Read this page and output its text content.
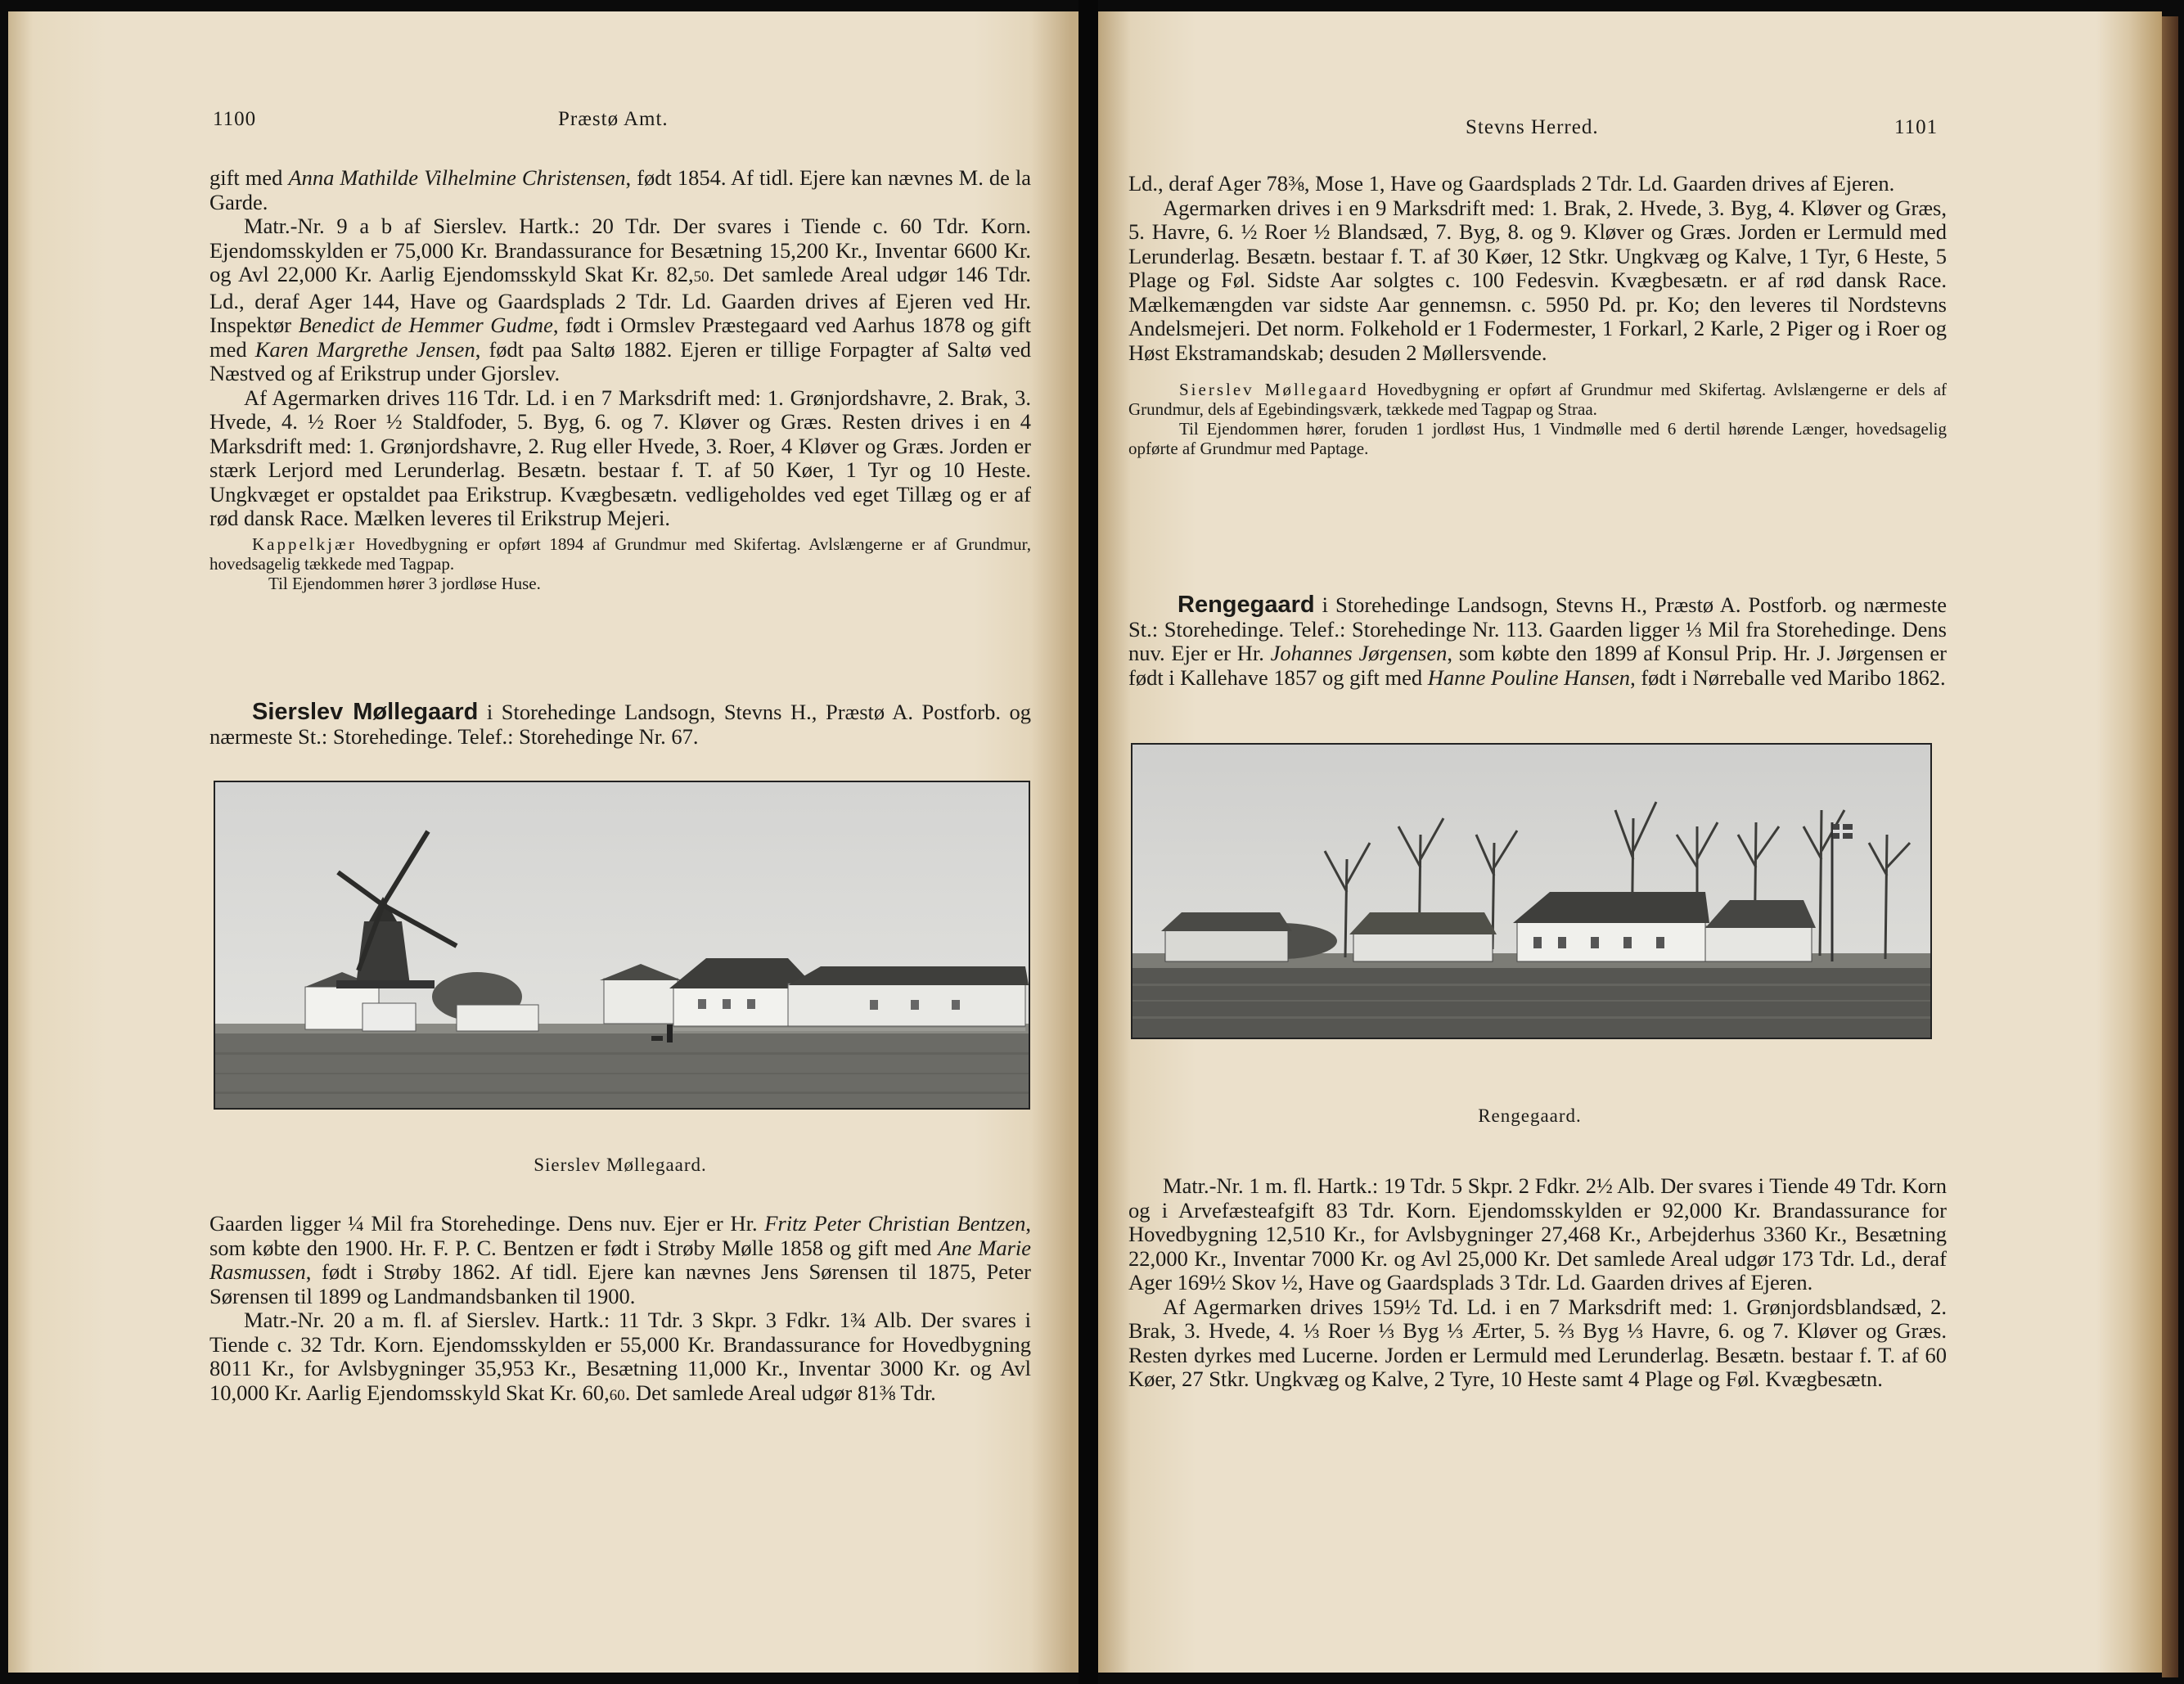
1100	Præstø Amt.

gift med Anna Mathilde Vilhelmine Christensen, født 1854. Af tidl. Ejere kan nævnes M. de la Garde.

Matr.-Nr. 9 a b af Sierslev. Hartk.: 20 Tdr. Der svares i Tiende c. 60 Tdr. Korn. Ejendomsskylden er 75,000 Kr. Brandassurance for Besætning 15,200 Kr., Inventar 6600 Kr. og Avl 22,000 Kr. Aarlig Ejendomsskyld Skat Kr. 82,50. Det samlede Areal udgør 146 Tdr. Ld., deraf Ager 144, Have og Gaardsplads 2 Tdr. Ld. Gaarden drives af Ejeren ved Hr. Inspektør Benedict de Hemmer Gudme, født i Ormslev Præstegaard ved Aarhus 1878 og gift med Karen Margrethe Jensen, født paa Saltø 1882. Ejeren er tillige Forpagter af Saltø ved Næstved og af Erikstrup under Gjorslev.

Af Agermarken drives 116 Tdr. Ld. i en 7 Marksdrift med: 1. Grønjordshavre, 2. Brak, 3. Hvede, 4. ½ Roer ½ Staldfoder, 5. Byg, 6. og 7. Kløver og Græs. Resten drives i en 4 Marksdrift med: 1. Grønjordshavre, 2. Rug eller Hvede, 3. Roer, 4 Kløver og Græs. Jorden er stærk Lerjord med Lerunderlag. Besætn. bestaar f. T. af 50 Køer, 1 Tyr og 10 Heste. Ungkvæget er opstaldet paa Erikstrup. Kvægbesætn. vedligeholdes ved eget Tillæg og er af rød dansk Race. Mælken leveres til Erikstrup Mejeri.

Kappelkjær Hovedbygning er opført 1894 af Grundmur med Skifertag. Avlslængerne er af Grundmur, hovedsagelig tækkede med Tagpap.

Til Ejendommen hører 3 jordløse Huse.

Sierslev Møllegaard i Storehedinge Landsogn, Stevns H., Præstø A. Postforb. og nærmeste St.: Storehedinge. Telef.: Storehedinge Nr. 67.

Sierslev Møllegaard.

Gaarden ligger ¼ Mil fra Storehedinge. Dens nuv. Ejer er Hr. Fritz Peter Christian Bentzen, som købte den 1900. Hr. F. P. C. Bentzen er født i Strøby Mølle 1858 og gift med Ane Marie Rasmussen, født i Strøby 1862. Af tidl. Ejere kan nævnes Jens Sørensen til 1875, Peter Sørensen til 1899 og Landmandsbanken til 1900.

Matr.-Nr. 20 a m. fl. af Sierslev. Hartk.: 11 Tdr. 3 Skpr. 3 Fdkr. 1¾ Alb. Der svares i Tiende c. 32 Tdr. Korn. Ejendomsskylden er 55,000 Kr. Brandassurance for Hovedbygning 8011 Kr., for Avlsbygninger 35,953 Kr., Besætning 11,000 Kr., Inventar 3000 Kr. og Avl 10,000 Kr. Aarlig Ejendomsskyld Skat Kr. 60,60. Det samlede Areal udgør 81⅜ Tdr.

Stevns Herred.	1101

Ld., deraf Ager 78⅜, Mose 1, Have og Gaardsplads 2 Tdr. Ld. Gaarden drives af Ejeren.

Agermarken drives i en 9 Marksdrift med: 1. Brak, 2. Hvede, 3. Byg, 4. Kløver og Græs, 5. Havre, 6. ½ Roer ½ Blandsæd, 7. Byg, 8. og 9. Kløver og Græs. Jorden er Lermuld med Lerunderlag. Besætn. bestaar f. T. af 30 Køer, 12 Stkr. Ungkvæg og Kalve, 1 Tyr, 6 Heste, 5 Plage og Føl. Sidste Aar solgtes c. 100 Fedesvin. Kvægbesætn. er af rød dansk Race. Mælkemængden var sidste Aar gennemsn. c. 5950 Pd. pr. Ko; den leveres til Nordstevns Andelsmejeri. Det norm. Folkehold er 1 Fodermester, 1 Forkarl, 2 Karle, 2 Piger og i Roer og Høst Ekstramandskab; desuden 2 Møllersvende.

Sierslev Møllegaard Hovedbygning er opført af Grundmur med Skifertag. Avlslængerne er dels af Grundmur, dels af Egebindingsværk, tækkede med Tagpap og Straa.

Til Ejendommen hører, foruden 1 jordløst Hus, 1 Vindmølle med 6 dertil hørende Længer, hovedsagelig opførte af Grundmur med Paptage.

Rengegaard i Storehedinge Landsogn, Stevns H., Præstø A. Postforb. og nærmeste St.: Storehedinge. Telef.: Storehedinge Nr. 113. Gaarden ligger ⅓ Mil fra Storehedinge. Dens nuv. Ejer er Hr. Johannes Jørgensen, som købte den 1899 af Konsul Prip. Hr. J. Jørgensen er født i Kallehave 1857 og gift med Hanne Pouline Hansen, født i Nørreballe ved Maribo 1862.

Rengegaard.

Matr.-Nr. 1 m. fl. Hartk.: 19 Tdr. 5 Skpr. 2 Fdkr. 2½ Alb. Der svares i Tiende 49 Tdr. Korn og i Arvefæsteafgift 83 Tdr. Korn. Ejendomsskylden er 92,000 Kr. Brandassurance for Hovedbygning 12,510 Kr., for Avlsbygninger 27,468 Kr., Arbejderhus 3360 Kr., Besætning 22,000 Kr., Inventar 7000 Kr. og Avl 25,000 Kr. Det samlede Areal udgør 173 Tdr. Ld., deraf Ager 169½ Skov ½, Have og Gaardsplads 3 Tdr. Ld. Gaarden drives af Ejeren.

Af Agermarken drives 159½ Td. Ld. i en 7 Marksdrift med: 1. Grønjordsblandsæd, 2. Brak, 3. Hvede, 4. ⅓ Roer ⅓ Byg ⅓ Ærter, 5. ⅔ Byg ⅓ Havre, 6. og 7. Kløver og Græs. Resten dyrkes med Lucerne. Jorden er Lermuld med Lerunderlag. Besætn. bestaar f. T. af 60 Køer, 27 Stkr. Ungkvæg og Kalve, 2 Tyre, 10 Heste samt 4 Plage og Føl. Kvægbesætn.
